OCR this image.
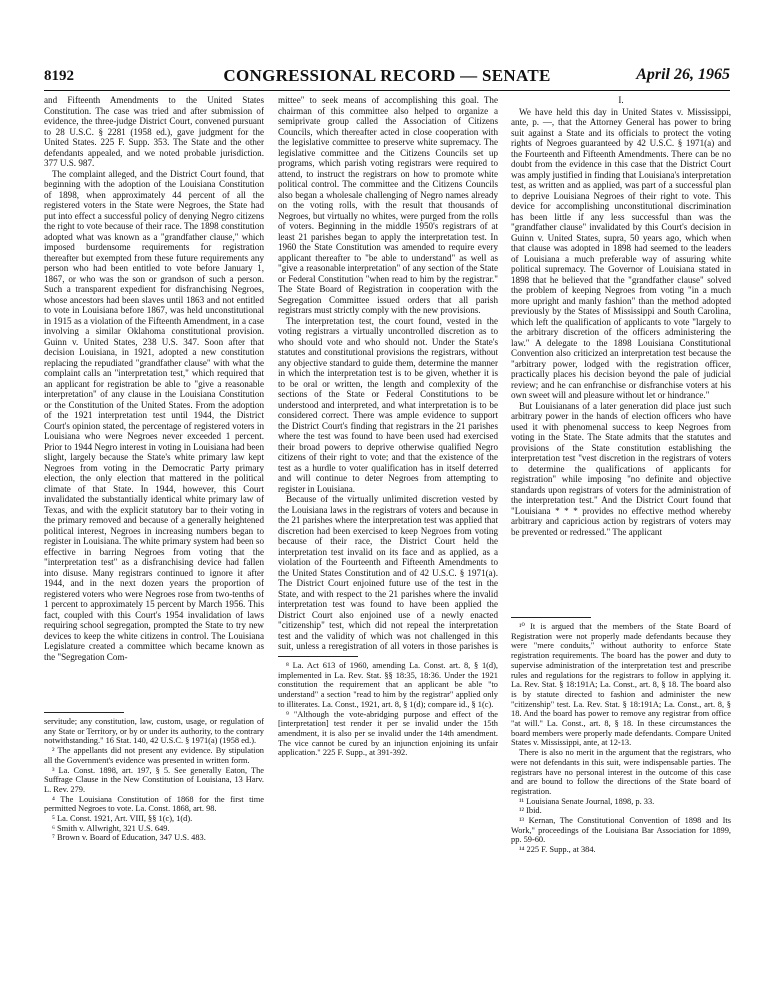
8192	CONGRESSIONAL RECORD — SENATE	April 26, 1965

and Fifteenth Amendments to the United States Constitution. The case was tried and after submission of evidence, the three-judge District Court, convened pursuant to 28 U.S.C. § 2281 (1958 ed.), gave judgment for the United States. 225 F. Supp. 353. The State and the other defendants appealed, and we noted probable jurisdiction. 377 U.S. 987.

The complaint alleged, and the District Court found, that beginning with the adoption of the Louisiana Constitution of 1898, when approximately 44 percent of all the registered voters in the State were Negroes, the State had put into effect a successful policy of denying Negro citizens the right to vote because of their race. The 1898 constitution adopted what was known as a "grandfather clause," which imposed burdensome requirements for registration thereafter but exempted from these future requirements any person who had been entitled to vote before January 1, 1867, or who was the son or grandson of such a person. Such a transparent expedient for disfranchising Negroes, whose ancestors had been slaves until 1863 and not entitled to vote in Louisiana before 1867, was held unconstitutional in 1915 as a violation of the Fifteenth Amendment, in a case involving a similar Oklahoma constitutional provision. Guinn v. United States, 238 U.S. 347. Soon after that decision Louisiana, in 1921, adopted a new constitution replacing the repudiated "grandfather clause" with what the complaint calls an "interpretation test," which required that an applicant for registration be able to "give a reasonable interpretation" of any clause in the Louisiana Constitution or the Constitution of the United States. From the adoption of the 1921 interpretation test until 1944, the District Court's opinion stated, the percentage of registered voters in Louisiana who were Negroes never exceeded 1 percent. Prior to 1944 Negro interest in voting in Louisiana had been slight, largely because the State's white primary law kept Negroes from voting in the Democratic Party primary election, the only election that mattered in the political climate of that State. In 1944, however, this Court invalidated the substantially identical white primary law of Texas, and with the explicit statutory bar to their voting in the primary removed and because of a generally heightened political interest, Negroes in increasing numbers began to register in Louisiana. The white primary system had been so effective in barring Negroes from voting that the "interpretation test" as a disfranchising device had fallen into disuse. Many registrars continued to ignore it after 1944, and in the next dozen years the proportion of registered voters who were Negroes rose from two-tenths of 1 percent to approximately 15 percent by March 1956. This fact, coupled with this Court's 1954 invalidation of laws requiring school segregation, prompted the State to try new devices to keep the white citizens in control. The Louisiana Legislature created a committee which became known as the "Segregation Com-

servitude; any constitution, law, custom, usage, or regulation of any State or Territory, or by or under its authority, to the contrary notwithstanding." 16 Stat. 140, 42 U.S.C. § 1971(a) (1958 ed.).

² The appellants did not present any evidence. By stipulation all the Government's evidence was presented in written form.

³ La. Const. 1898, art. 197, § 5. See generally Eaton, The Suffrage Clause in the New Constitution of Louisiana, 13 Harv. L. Rev. 279.

⁴ The Louisiana Constitution of 1868 for the first time permitted Negroes to vote. La. Const. 1868, art. 98.

⁵ La. Const. 1921, Art. VIII, §§ 1(c), 1(d).

⁶ Smith v. Allwright, 321 U.S. 649.

⁷ Brown v. Board of Education, 347 U.S. 483.

mittee" to seek means of accomplishing this goal. The chairman of this committee also helped to organize a semiprivate group called the Association of Citizens Councils, which thereafter acted in close cooperation with the legislative committee to preserve white supremacy. The legislative committee and the Citizens Councils set up programs, which parish voting registrars were required to attend, to instruct the registrars on how to promote white political control. The committee and the Citizens Councils also began a wholesale challenging of Negro names already on the voting rolls, with the result that thousands of Negroes, but virtually no whites, were purged from the rolls of voters. Beginning in the middle 1950's registrars of at least 21 parishes began to apply the interpretation test. In 1960 the State Constitution was amended to require every applicant thereafter to "be able to understand" as well as "give a reasonable interpretation" of any section of the State or Federal Constitution "when read to him by the registrar." The State Board of Registration in cooperation with the Segregation Committee issued orders that all parish registrars must strictly comply with the new provisions.

The interpretation test, the court found, vested in the voting registrars a virtually uncontrolled discretion as to who should vote and who should not. Under the State's statutes and constitutional provisions the registrars, without any objective standard to guide them, determine the manner in which the interpretation test is to be given, whether it is to be oral or written, the length and complexity of the sections of the State or Federal Constitutions to be understood and interpreted, and what interpretation is to be considered correct. There was ample evidence to support the District Court's finding that registrars in the 21 parishes where the test was found to have been used had exercised their broad powers to deprive otherwise qualified Negro citizens of their right to vote; and that the existence of the test as a hurdle to voter qualification has in itself deterred and will continue to deter Negroes from attempting to register in Louisiana.

Because of the virtually unlimited discretion vested by the Louisiana laws in the registrars of voters and because in the 21 parishes where the interpretation test was applied that discretion had been exercised to keep Negroes from voting because of their race, the District Court held the interpretation test invalid on its face and as applied, as a violation of the Fourteenth and Fifteenth Amendments to the United States Constitution and of 42 U.S.C. § 1971(a). The District Court enjoined future use of the test in the State, and with respect to the 21 parishes where the invalid interpretation test was found to have been applied the District Court also enjoined use of a newly enacted "citizenship" test, which did not repeal the interpretation test and the validity of which was not challenged in this suit, unless a reregistration of all voters in those parishes is

⁸ La. Act 613 of 1960, amending La. Const. art. 8, § 1(d), implemented in La. Rev. Stat. §§ 18:35, 18:36. Under the 1921 constitution the requirement that an applicant be able "to understand" a section "read to him by the registrar" applied only to illiterates. La. Const., 1921, art. 8, § 1(d); compare id., § 1(c).

⁹ "Although the vote-abridging purpose and effect of the [interpretation] test render it per se invalid under the 15th amendment, it is also per se invalid under the 14th amendment. The vice cannot be cured by an injunction enjoining its unfair application." 225 F. Supp., at 391-392.

I.

We have held this day in United States v. Mississippi, ante, p. —, that the Attorney General has power to bring suit against a State and its officials to protect the voting rights of Negroes guaranteed by 42 U.S.C. § 1971(a) and the Fourteenth and Fifteenth Amendments. There can be no doubt from the evidence in this case that the District Court was amply justified in finding that Louisiana's interpretation test, as written and as applied, was part of a successful plan to deprive Louisiana Negroes of their right to vote. This device for accomplishing unconstitutional discrimination has been little if any less successful than was the "grandfather clause" invalidated by this Court's decision in Guinn v. United States, supra, 50 years ago, which when that clause was adopted in 1898 had seemed to the leaders of Louisiana a much preferable way of assuring white political supremacy. The Governor of Louisiana stated in 1898 that he believed that the "grandfather clause" solved the problem of keeping Negroes from voting "in a much more upright and manly fashion" than the method adopted previously by the States of Mississippi and South Carolina, which left the qualification of applicants to vote "largely to the arbitrary discretion of the officers administering the law." A delegate to the 1898 Louisiana Constitutional Convention also criticized an interpretation test because the "arbitrary power, lodged with the registration officer, practically places his decision beyond the pale of judicial review; and he can enfranchise or disfranchise voters at his own sweet will and pleasure without let or hindrance."

But Louisianans of a later generation did place just such arbitrary power in the hands of election officers who have used it with phenomenal success to keep Negroes from voting in the State. The State admits that the statutes and provisions of the State constitution establishing the interpretation test "vest discretion in the registrars of voters to determine the qualifications of applicants for registration" while imposing "no definite and objective standards upon registrars of voters for the administration of the interpretation test." And the District Court found that "Louisiana * * * provides no effective method whereby arbitrary and capricious action by registrars of voters may be prevented or redressed." The applicant

¹⁰ It is argued that the members of the State Board of Registration were not properly made defendants because they were "mere conduits," without authority to enforce State registration requirements. The board has the power and duty to supervise administration of the interpretation test and prescribe rules and regulations for the registrars to follow in applying it. La. Rev. Stat. § 18:191A; La. Const., art. 8, § 18. The board also is by statute directed to fashion and administer the new "citizenship" test. La. Rev. Stat. § 18:191A; La. Const., art. 8, § 18. And the board has power to remove any registrar from office "at will." La. Const., art. 8, § 18. In these circumstances the board members were properly made defendants. Compare United States v. Mississippi, ante, at 12-13.

There is also no merit in the argument that the registrars, who were not defendants in this suit, were indispensable parties. The registrars have no personal interest in the outcome of this case and are bound to follow the directions of the State board of registration.

¹¹ Louisiana Senate Journal, 1898, p. 33.

¹² Ibid.

¹³ Kernan, The Constitutional Convention of 1898 and Its Work," proceedings of the Louisiana Bar Association for 1899, pp. 59-60.

¹⁴ 225 F. Supp., at 384.
